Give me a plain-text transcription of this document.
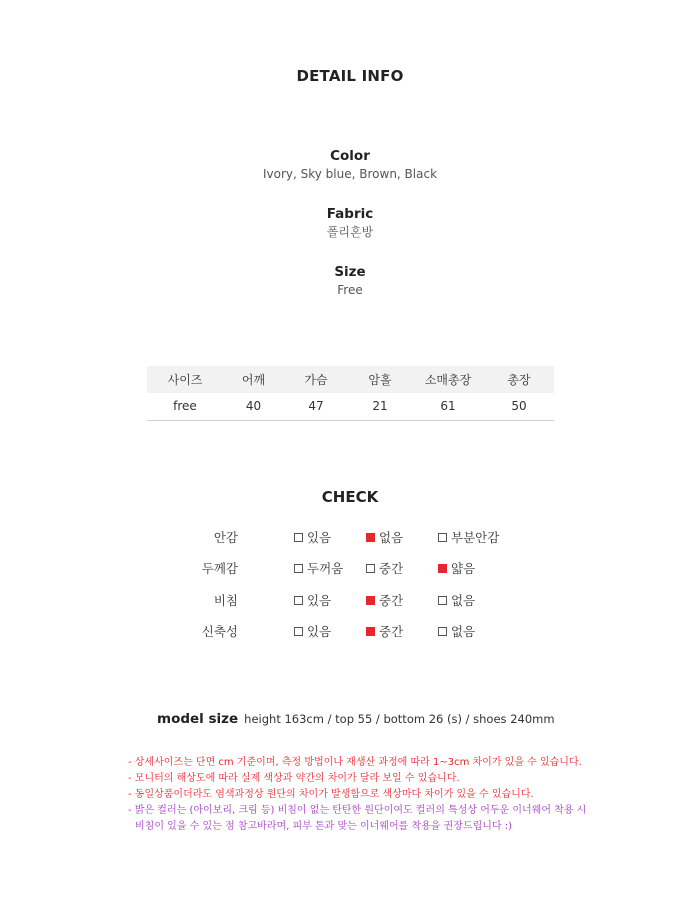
DETAIL INFO
Color
Ivory, Sky blue, Brown, Black
Fabric
폴리혼방
Size
Free
사이즈	어깨	가슴	암홀	소매총장	총장
free	40	47	21	61	50
CHECK
안감	있음	없음	부분안감
두께감	두꺼움	중간	얇음
비침	있음	중간	없음
신축성	있음	중간	없음
model size height 163cm / top 55 / bottom 26 (s) / shoes 240mm
- 상세사이즈는 단면 cm 기준이며, 측정 방법이나 재생산 과정에 따라 1~3cm 차이가 있을 수 있습니다.
- 모니터의 해상도에 따라 실제 색상과 약간의 차이가 달라 보일 수 있습니다.
- 동일상품이더라도 염색과정상 원단의 차이가 발생함으로 색상마다 차이가 있을 수 있습니다.
- 밝은 컬러는 (아이보리, 크림 등) 비침이 없는 탄탄한 원단이여도 컬러의 특성상 어두운 이너웨어 착용 시
비침이 있을 수 있는 점 참고바라며, 피부 톤과 맞는 이너웨어를 착용을 권장드립니다 :)
